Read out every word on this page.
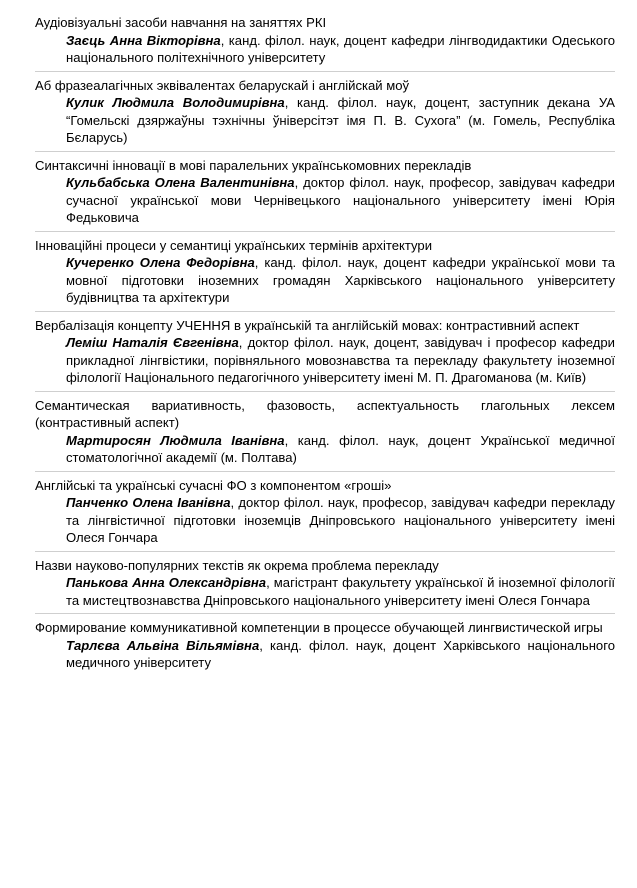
Аудіовізуальні засоби навчання на заняттях РКІ
Заєць Анна Вікторівна, канд. філол. наук, доцент кафедри лінгводидактики Одеського національного політехнічного університету
Аб фразеалагічных эквівалентах беларускай і англійскай моў
Кулик Людмила Володимирівна, канд. філол. наук, доцент, заступник декана УА “Гомельскі дзяржаўны тэхнічны ўніверсітэт імя П. В. Сухога” (м. Гомель, Республіка Бєларусь)
Синтаксичні інновації в мові паралельних українськомовних перекладів
Кульбабська Олена Валентинівна, доктор філол. наук, професор, завідувач кафедри сучасної української мови Чернівецького національного університету імені Юрія Федьковича
Інноваційні процеси у семантиці українських термінів архітектури
Кучеренко Олена Федорівна, канд. філол. наук, доцент кафедри української мови та мовної підготовки іноземних громадян Харківського національного університету будівництва та архітектури
Вербалізація концепту УЧЕННЯ в українській та англійській мовах: контрастивний аспект
Леміш Наталія Євгенівна, доктор філол. наук, доцент, завідувач і професор кафедри прикладної лінгвістики, порівняльного мовознавства та перекладу факультету іноземної філології Національного педагогічного університету імені М. П. Драгоманова (м. Київ)
Семантическая вариативность, фазовость, аспектуальность глагольных лексем (контрастивный аспект)
Мартиросян Людмила Іванівна, канд. філол. наук, доцент Української медичної стоматологічної академії (м. Полтава)
Англійські та українські сучасні ФО з компонентом «гроші»
Панченко Олена Іванівна, доктор філол. наук, професор, завідувач кафедри перекладу та лінгвістичної підготовки іноземців Дніпровського національного університету імені Олеся Гончара
Назви науково-популярних текстів як окрема проблема перекладу
Панькова Анна Олександрівна, магістрант факультету української й іноземної філології та мистецтвознавства Дніпровського національного університету імені Олеся Гончара
Формирование коммуникативной компетенции в процессе обучающей лингвистической игры
Тарлєва Альвіна Вільямівна, канд. філол. наук, доцент Харківського національного медичного університету
